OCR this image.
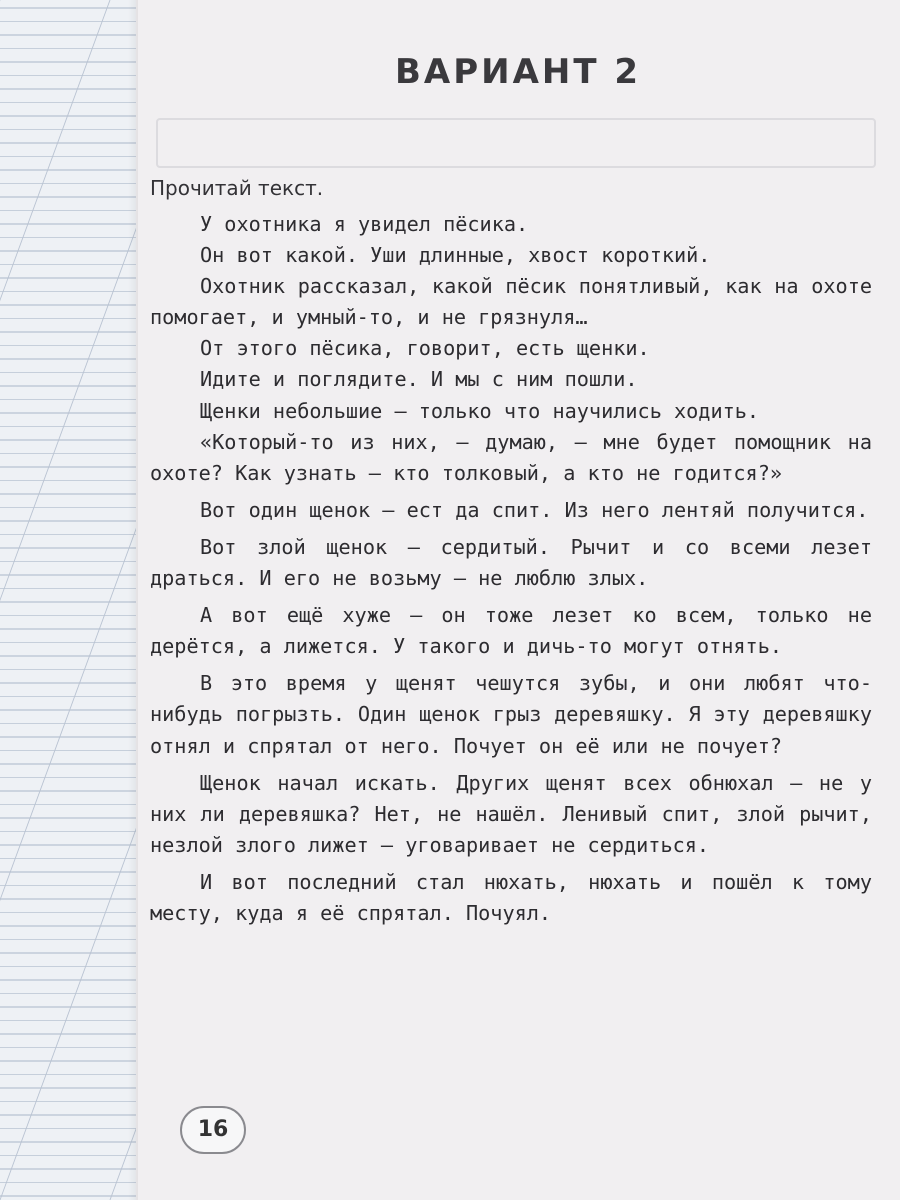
ВАРИАНТ 2
Прочитай текст.

У охотника я увидел пёсика.

Он вот какой. Уши длинные, хвост короткий.

Охотник рассказал, какой пёсик понятливый, как на охоте помогает, и умный-то, и не грязнуля…

От этого пёсика, говорит, есть щенки.

Идите и поглядите. И мы с ним пошли.

Щенки небольшие — только что научились ходить.

«Который-то из них, — думаю, — мне будет помощник на охоте? Как узнать — кто толковый, а кто не годится?»

Вот один щенок — ест да спит. Из него лентяй получится.

Вот злой щенок — сердитый. Рычит и со всеми лезет драться. И его не возьму — не люблю злых.

А вот ещё хуже — он тоже лезет ко всем, только не дерётся, а лижется. У такого и дичь-то могут отнять.

В это время у щенят чешутся зубы, и они любят что-нибудь погрызть. Один щенок грыз деревяшку. Я эту деревяшку отнял и спрятал от него. Почует он её или не почует?

Щенок начал искать. Других щенят всех обнюхал — не у них ли деревяшка? Нет, не нашёл. Ленивый спит, злой рычит, незлой злого лижет — уговаривает не сердиться.

И вот последний стал нюхать, нюхать и пошёл к тому месту, куда я её спрятал. Почуял.

16
